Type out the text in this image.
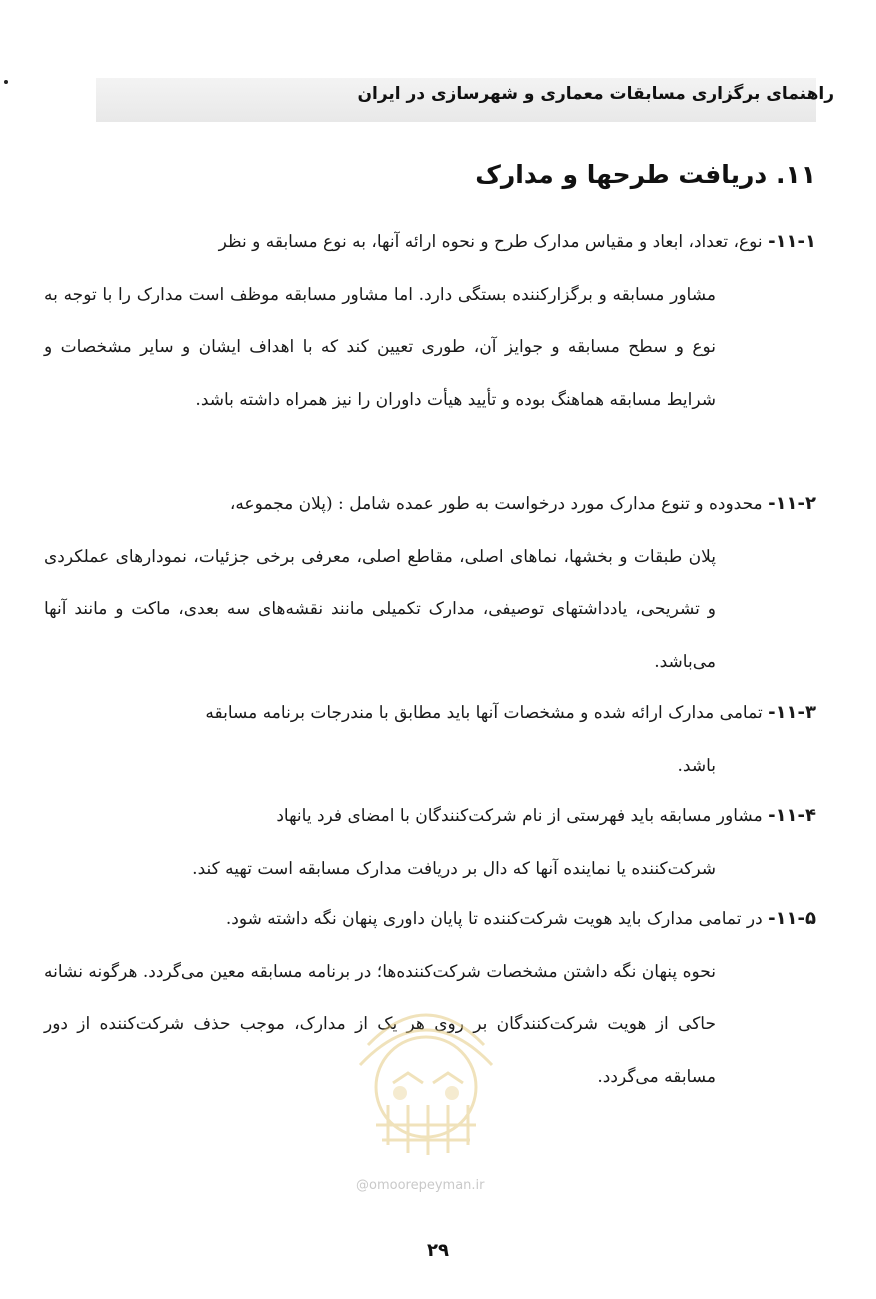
راهنمای برگزاری مسابقات معماری و شهرسازی در ایران
۱۱. دریافت طرحها و مدارک

۱۱-۱- نوع، تعداد، ابعاد و مقیاس مدارک طرح و نحوه ارائه آنها، به نوع مسابقه و نظر
مشاور مسابقه و برگزارکننده بستگی دارد. اما مشاور مسابقه موظف است مدارک را با توجه به نوع و سطح مسابقه و جوایز آن، طوری تعیین کند که با اهداف ایشان و سایر مشخصات و شرایط مسابقه هماهنگ بوده و تأیید هیأت داوران را نیز همراه داشته باشد.

۱۱-۲- محدوده و تنوع مدارک مورد درخواست به طور عمده شامل : (پلان مجموعه،
پلان طبقات و بخشها، نماهای اصلی، مقاطع اصلی، معرفی برخی جزئیات، نمودارهای عملکردی و تشریحی، یادداشتهای توصیفی، مدارک تکمیلی مانند نقشه‌های سه بعدی، ماکت و مانند آنها می‌باشد.

۱۱-۳- تمامی مدارک ارائه شده و مشخصات آنها باید مطابق با مندرجات برنامه مسابقه
باشد.

۱۱-۴- مشاور مسابقه باید فهرستی از نام شرکت‌کنندگان با امضای فرد یانهاد
شرکت‌کننده یا نماینده آنها که دال بر دریافت مدارک مسابقه است تهیه کند.

۱۱-۵- در تمامی مدارک باید هویت شرکت‌کننده تا پایان داوری پنهان نگه داشته شود.
نحوه پنهان نگه داشتن مشخصات شرکت‌کننده‌ها؛ در برنامه مسابقه معین می‌گردد. هرگونه نشانه حاکی از هویت شرکت‌کنندگان بر روی هر یک از مدارک، موجب حذف شرکت‌کننده از دور مسابقه می‌گردد.

@omoorepeyman.ir
۲۹
